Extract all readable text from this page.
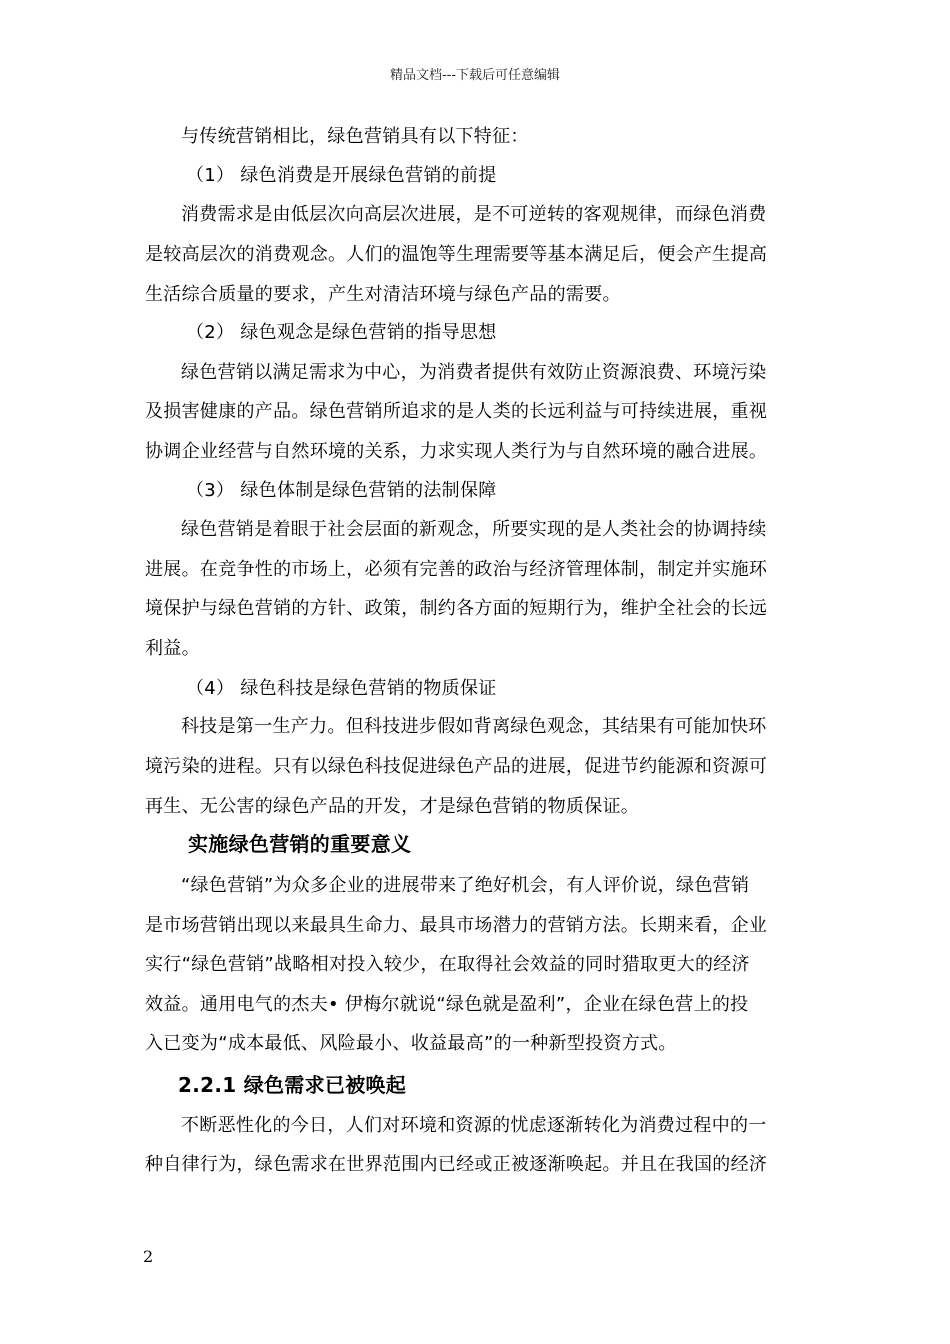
精品文档---下载后可任意编辑
与传统营销相比，绿色营销具有以下特征：
（1） 绿色消费是开展绿色营销的前提
消费需求是由低层次向高层次进展，是不可逆转的客观规律，而绿色消费
是较高层次的消费观念。人们的温饱等生理需要等基本满足后，便会产生提高
生活综合质量的要求，产生对清洁环境与绿色产品的需要。
（2） 绿色观念是绿色营销的指导思想
绿色营销以满足需求为中心，为消费者提供有效防止资源浪费、环境污染
及损害健康的产品。绿色营销所追求的是人类的长远利益与可持续进展，重视
协调企业经营与自然环境的关系，力求实现人类行为与自然环境的融合进展。
（3） 绿色体制是绿色营销的法制保障
绿色营销是着眼于社会层面的新观念，所要实现的是人类社会的协调持续
进展。在竞争性的市场上，必须有完善的政治与经济管理体制，制定并实施环
境保护与绿色营销的方针、政策，制约各方面的短期行为，维护全社会的长远
利益。
（4） 绿色科技是绿色营销的物质保证
科技是第一生产力。但科技进步假如背离绿色观念，其结果有可能加快环
境污染的进程。只有以绿色科技促进绿色产品的进展，促进节约能源和资源可
再生、无公害的绿色产品的开发，才是绿色营销的物质保证。
实施绿色营销的重要意义
“绿色营销”为众多企业的进展带来了绝好机会，有人评价说，绿色营销
是市场营销出现以来最具生命力、最具市场潜力的营销方法。长期来看，企业
实行“绿色营销”战略相对投入较少，在取得社会效益的同时猎取更大的经济
效益。通用电气的杰夫• 伊梅尔就说“绿色就是盈利”，企业在绿色营上的投
入已变为“成本最低、风险最小、收益最高”的一种新型投资方式。
2.2.1 绿色需求已被唤起
不断恶性化的今日，人们对环境和资源的忧虑逐渐转化为消费过程中的一
种自律行为，绿色需求在世界范围内已经或正被逐渐唤起。并且在我国的经济
2
